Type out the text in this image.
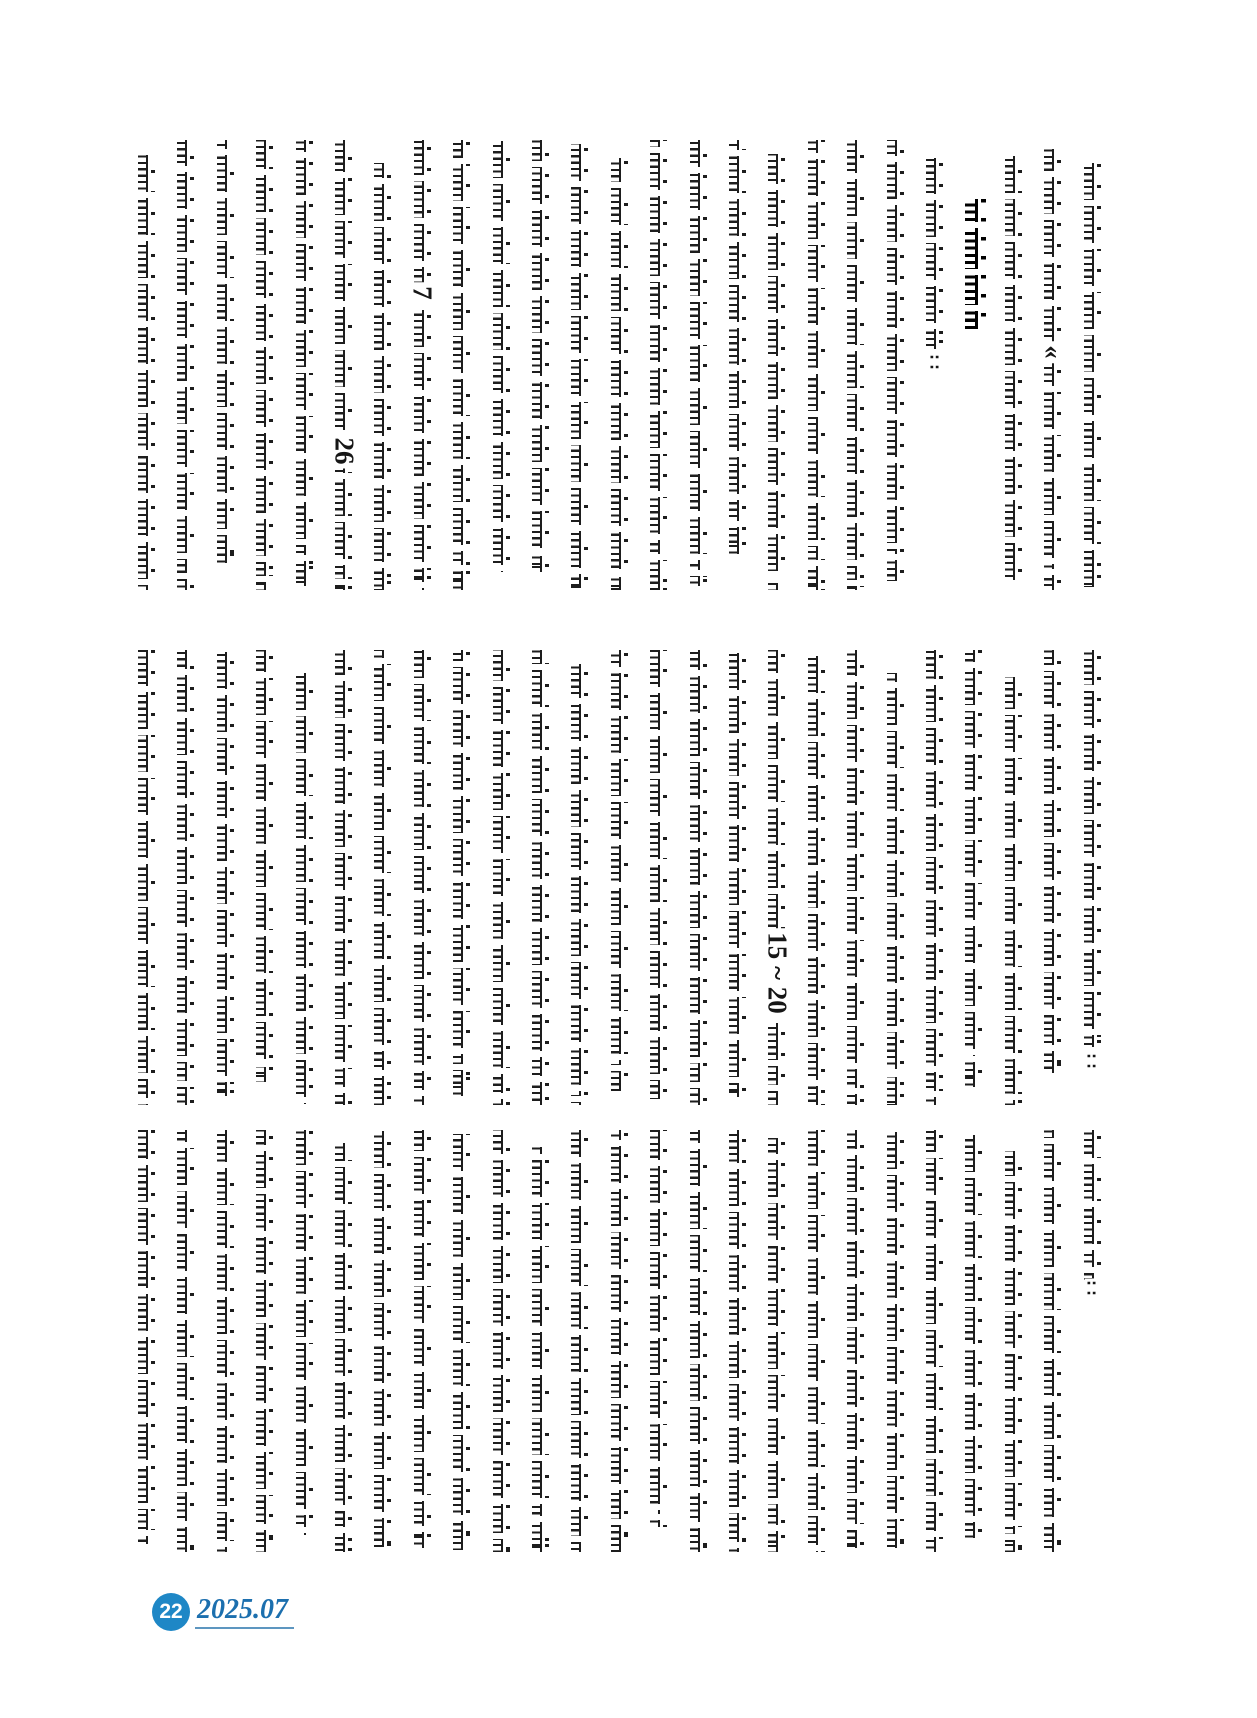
26
7
::
«
15 ~ 20
::
::
22 2025.07
